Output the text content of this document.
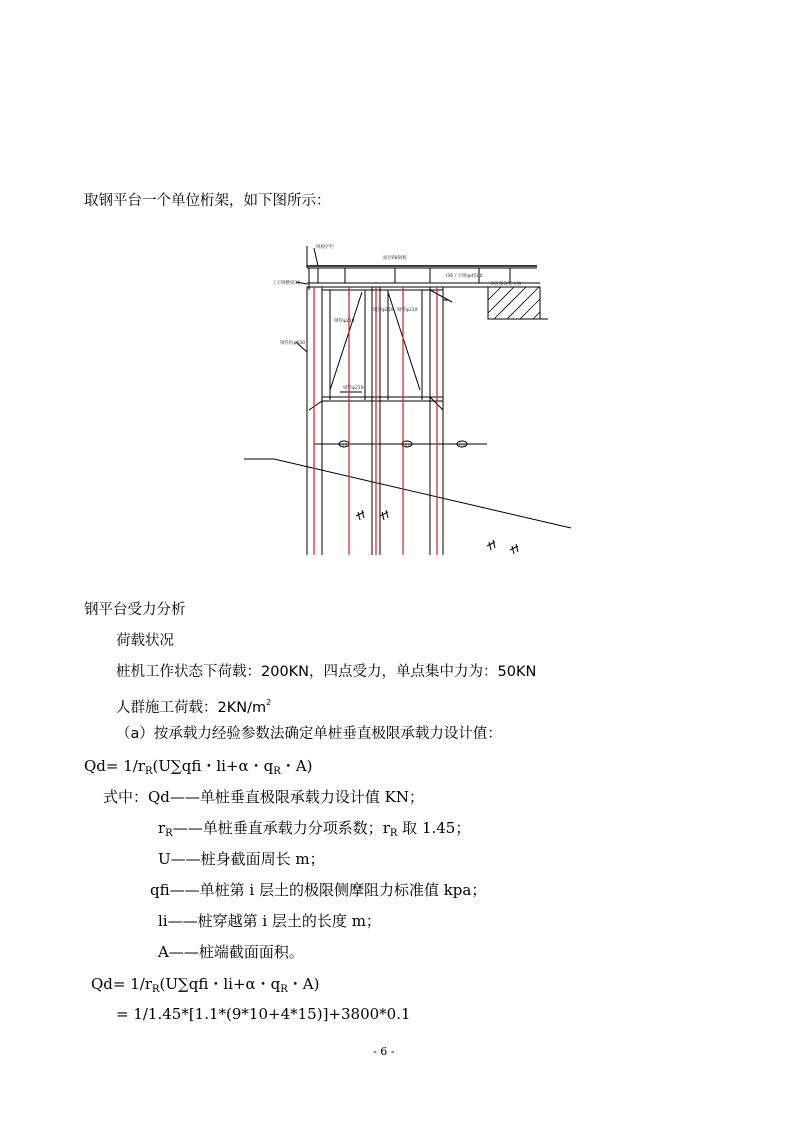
取钢平台一个单位桁架，如下图所示：
钢板护栏
面层δ8钢板
工字钢横梁36
I36工字钢@4500
导管架钢管立柱
钢管桩φ630
钢管φ219
钢管φ219 钢管φ219
钢管φ219
000	000	100
钢平台受力分析
荷载状况
桩机工作状态下荷载：200KN，四点受力，单点集中力为：50KN
人群施工荷载：$2KN/m^2$
（a）按承载力经验参数法确定单桩垂直极限承载力设计值：
$Qd= 1/r_R(U\sum qfi$・li+α・$q_R$・A)
式中：Qd——单桩垂直极限承载力设计值 KN；
$r_R——$单桩垂直承载力分项系数；$r_R$ 取 1.45；
U——桩身截面周长 m；
qfi——单桩第 i 层土的极限侧摩阻力标准值 kpa；
li——桩穿越第 i 层土的长度 m；
A——桩端截面面积。
$Qd= 1/r_R(U\sum qfi$・li+α・$q_R$・A)
= 1/1.45*[1.1*(9*10+4*15)]+3800*0.1
- 6 -
